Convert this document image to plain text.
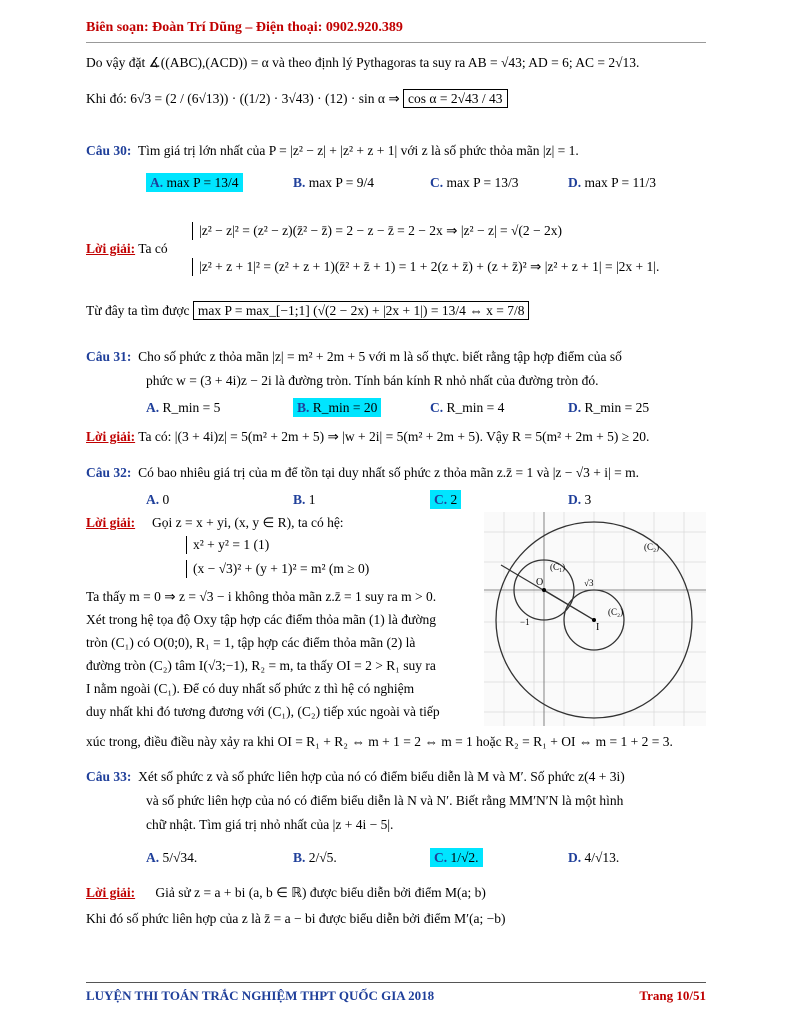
Biên soạn: Đoàn Trí Dũng – Điện thoại: 0902.920.389
Do vậy đặt ∡((ABC),(ACD)) = α và theo định lý Pythagoras ta suy ra AB = √43; AD = 6; AC = 2√13.
Khi đó: 6√3 = (2 / (6√13)) · ((1/2) · 3√43) · (12) · sin α ⇒ cos α = 2√43 / 43
Câu 30: Tìm giá trị lớn nhất của P = |z² − z| + |z² + z + 1| với z là số phức thỏa mãn |z| = 1.
A. max P = 13/4	B. max P = 9/4	C. max P = 13/3	D. max P = 11/3
Lời giải: Ta có
|z² − z|² = (z² − z)(z̄² − z̄) = 2 − z − z̄ = 2 − 2x ⇒ |z² − z| = √(2 − 2x)
|z² + z + 1|² = (z² + z + 1)(z̄² + z̄ + 1) = 1 + 2(z + z̄) + (z + z̄)² ⇒ |z² + z + 1| = |2x + 1|.
Từ đây ta tìm được max P = max_[−1;1] (√(2 − 2x) + |2x + 1|) = 13/4 ⇔ x = 7/8
Câu 31: Cho số phức z thỏa mãn |z| = m² + 2m + 5 với m là số thực. biết rằng tập hợp điểm của số
phức w = (3 + 4i)z − 2i là đường tròn. Tính bán kính R nhỏ nhất của đường tròn đó.
A. R_min = 5	B. R_min = 20	C. R_min = 4	D. R_min = 25
Lời giải: Ta có: |(3 + 4i)z| = 5(m² + 2m + 5) ⇒ |w + 2i| = 5(m² + 2m + 5). Vậy R = 5(m² + 2m + 5) ≥ 20.
Câu 32: Có bao nhiêu giá trị của m để tồn tại duy nhất số phức z thỏa mãn z.z̄ = 1 và |z − √3 + i| = m.
A. 0	B. 1	C. 2	D. 3
Lời giải: Gọi z = x + yi, (x, y ∈ R), ta có hệ:
x² + y² = 1 (1)
(x − √3)² + (y + 1)² = m² (m ≥ 0)
Ta thấy m = 0 ⇒ z = √3 − i không thỏa mãn z.z̄ = 1 suy ra m > 0.
Xét trong hệ tọa độ Oxy tập hợp các điểm thỏa mãn (1) là đường
tròn (C₁) có O(0;0), R₁ = 1, tập hợp các điểm thỏa mãn (2) là
đường tròn (C₂) tâm I(√3;−1), R₂ = m, ta thấy OI = 2 > R₁ suy ra
I nằm ngoài (C₁). Để có duy nhất số phức z thì hệ có nghiệm
duy nhất khi đó tương đương với (C₁), (C₂) tiếp xúc ngoài và tiếp
xúc trong, điều điều này xảy ra khi OI = R₁ + R₂ ⇔ m + 1 = 2 ⇔ m = 1 hoặc R₂ = R₁ + OI ⇔ m = 1 + 2 = 3.
O
I
(C₁)
(C₂)
(C₂)
√3
−1
Câu 33: Xét số phức z và số phức liên hợp của nó có điểm biểu diễn là M và M′. Số phức z(4 + 3i)
và số phức liên hợp của nó có điểm biểu diễn là N và N′. Biết rằng MM′N′N là một hình
chữ nhật. Tìm giá trị nhỏ nhất của |z + 4i − 5|.
A. 5/√34.	B. 2/√5.	C. 1/√2.	D. 4/√13.
Lời giải: Giả sử z = a + bi (a, b ∈ ℝ) được biểu diễn bởi điểm M(a; b)
Khi đó số phức liên hợp của z là z̄ = a − bi được biểu diễn bởi điểm M′(a; −b)
LUYỆN THI TOÁN TRẮC NGHIỆM THPT QUỐC GIA 2018	Trang 10/51
